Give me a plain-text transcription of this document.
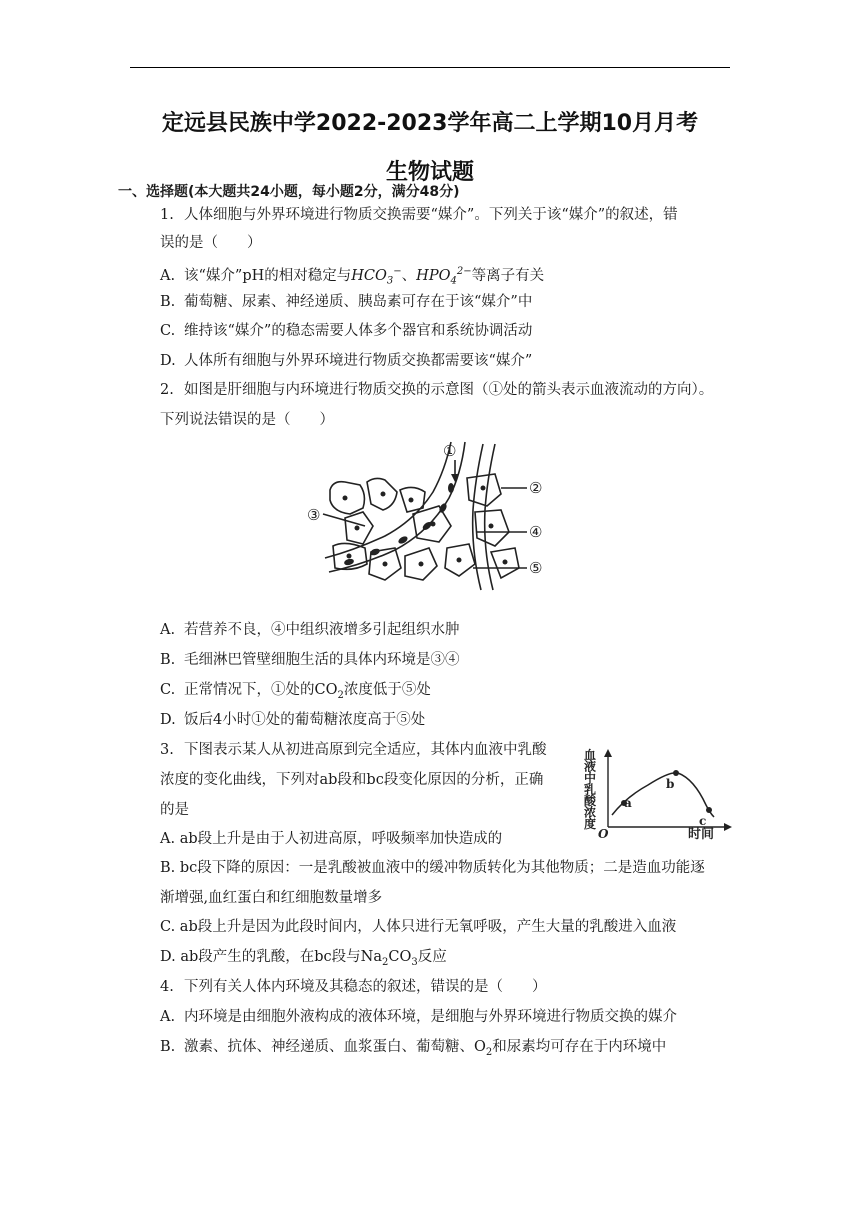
定远县民族中学2022-2023学年高二上学期10月月考
生物试题
一、选择题(本大题共24小题，每小题2分，满分48分)
1. 人体细胞与外界环境进行物质交换需要“媒介”。下列关于该“媒介”的叙述，错
误的是（　　）
A. 该“媒介”pH的相对稳定与$HCO_3^-$、$HPO_4^{2-}$等离子有关
B. 葡萄糖、尿素、神经递质、胰岛素可存在于该“媒介”中
C. 维持该“媒介”的稳态需要人体多个器官和系统协调活动
D. 人体所有细胞与外界环境进行物质交换都需要该“媒介”
2. 如图是肝细胞与内环境进行物质交换的示意图（①处的箭头表示血液流动的方向）。
下列说法错误的是（　　）
①
②
③
④
⑤
A. 若营养不良，④中组织液增多引起组织水肿
B. 毛细淋巴管壁细胞生活的具体内环境是③④
C. 正常情况下，①处的$CO_2$浓度低于⑤处
D. 饭后4小时①处的葡萄糖浓度高于⑤处
3. 下图表示某人从初进高原到完全适应，其体内血液中乳酸
浓度的变化曲线，下列对ab段和bc段变化原因的分析，正确
的是
血
液
中
乳
酸
浓
度
a
b
c
O	时间
A. ab段上升是由于人初进高原，呼吸频率加快造成的
B. bc段下降的原因：一是乳酸被血液中的缓冲物质转化为其他物质；二是造血功能逐
渐增强,血红蛋白和红细胞数量增多
C. ab段上升是因为此段时间内，人体只进行无氧呼吸，产生大量的乳酸进入血液
D. ab段产生的乳酸，在bc段与$Na_2CO_3$反应
4. 下列有关人体内环境及其稳态的叙述，错误的是（　　）
A. 内环境是由细胞外液构成的液体环境，是细胞与外界环境进行物质交换的媒介
B. 激素、抗体、神经递质、血浆蛋白、葡萄糖、$O_2$和尿素均可存在于内环境中
